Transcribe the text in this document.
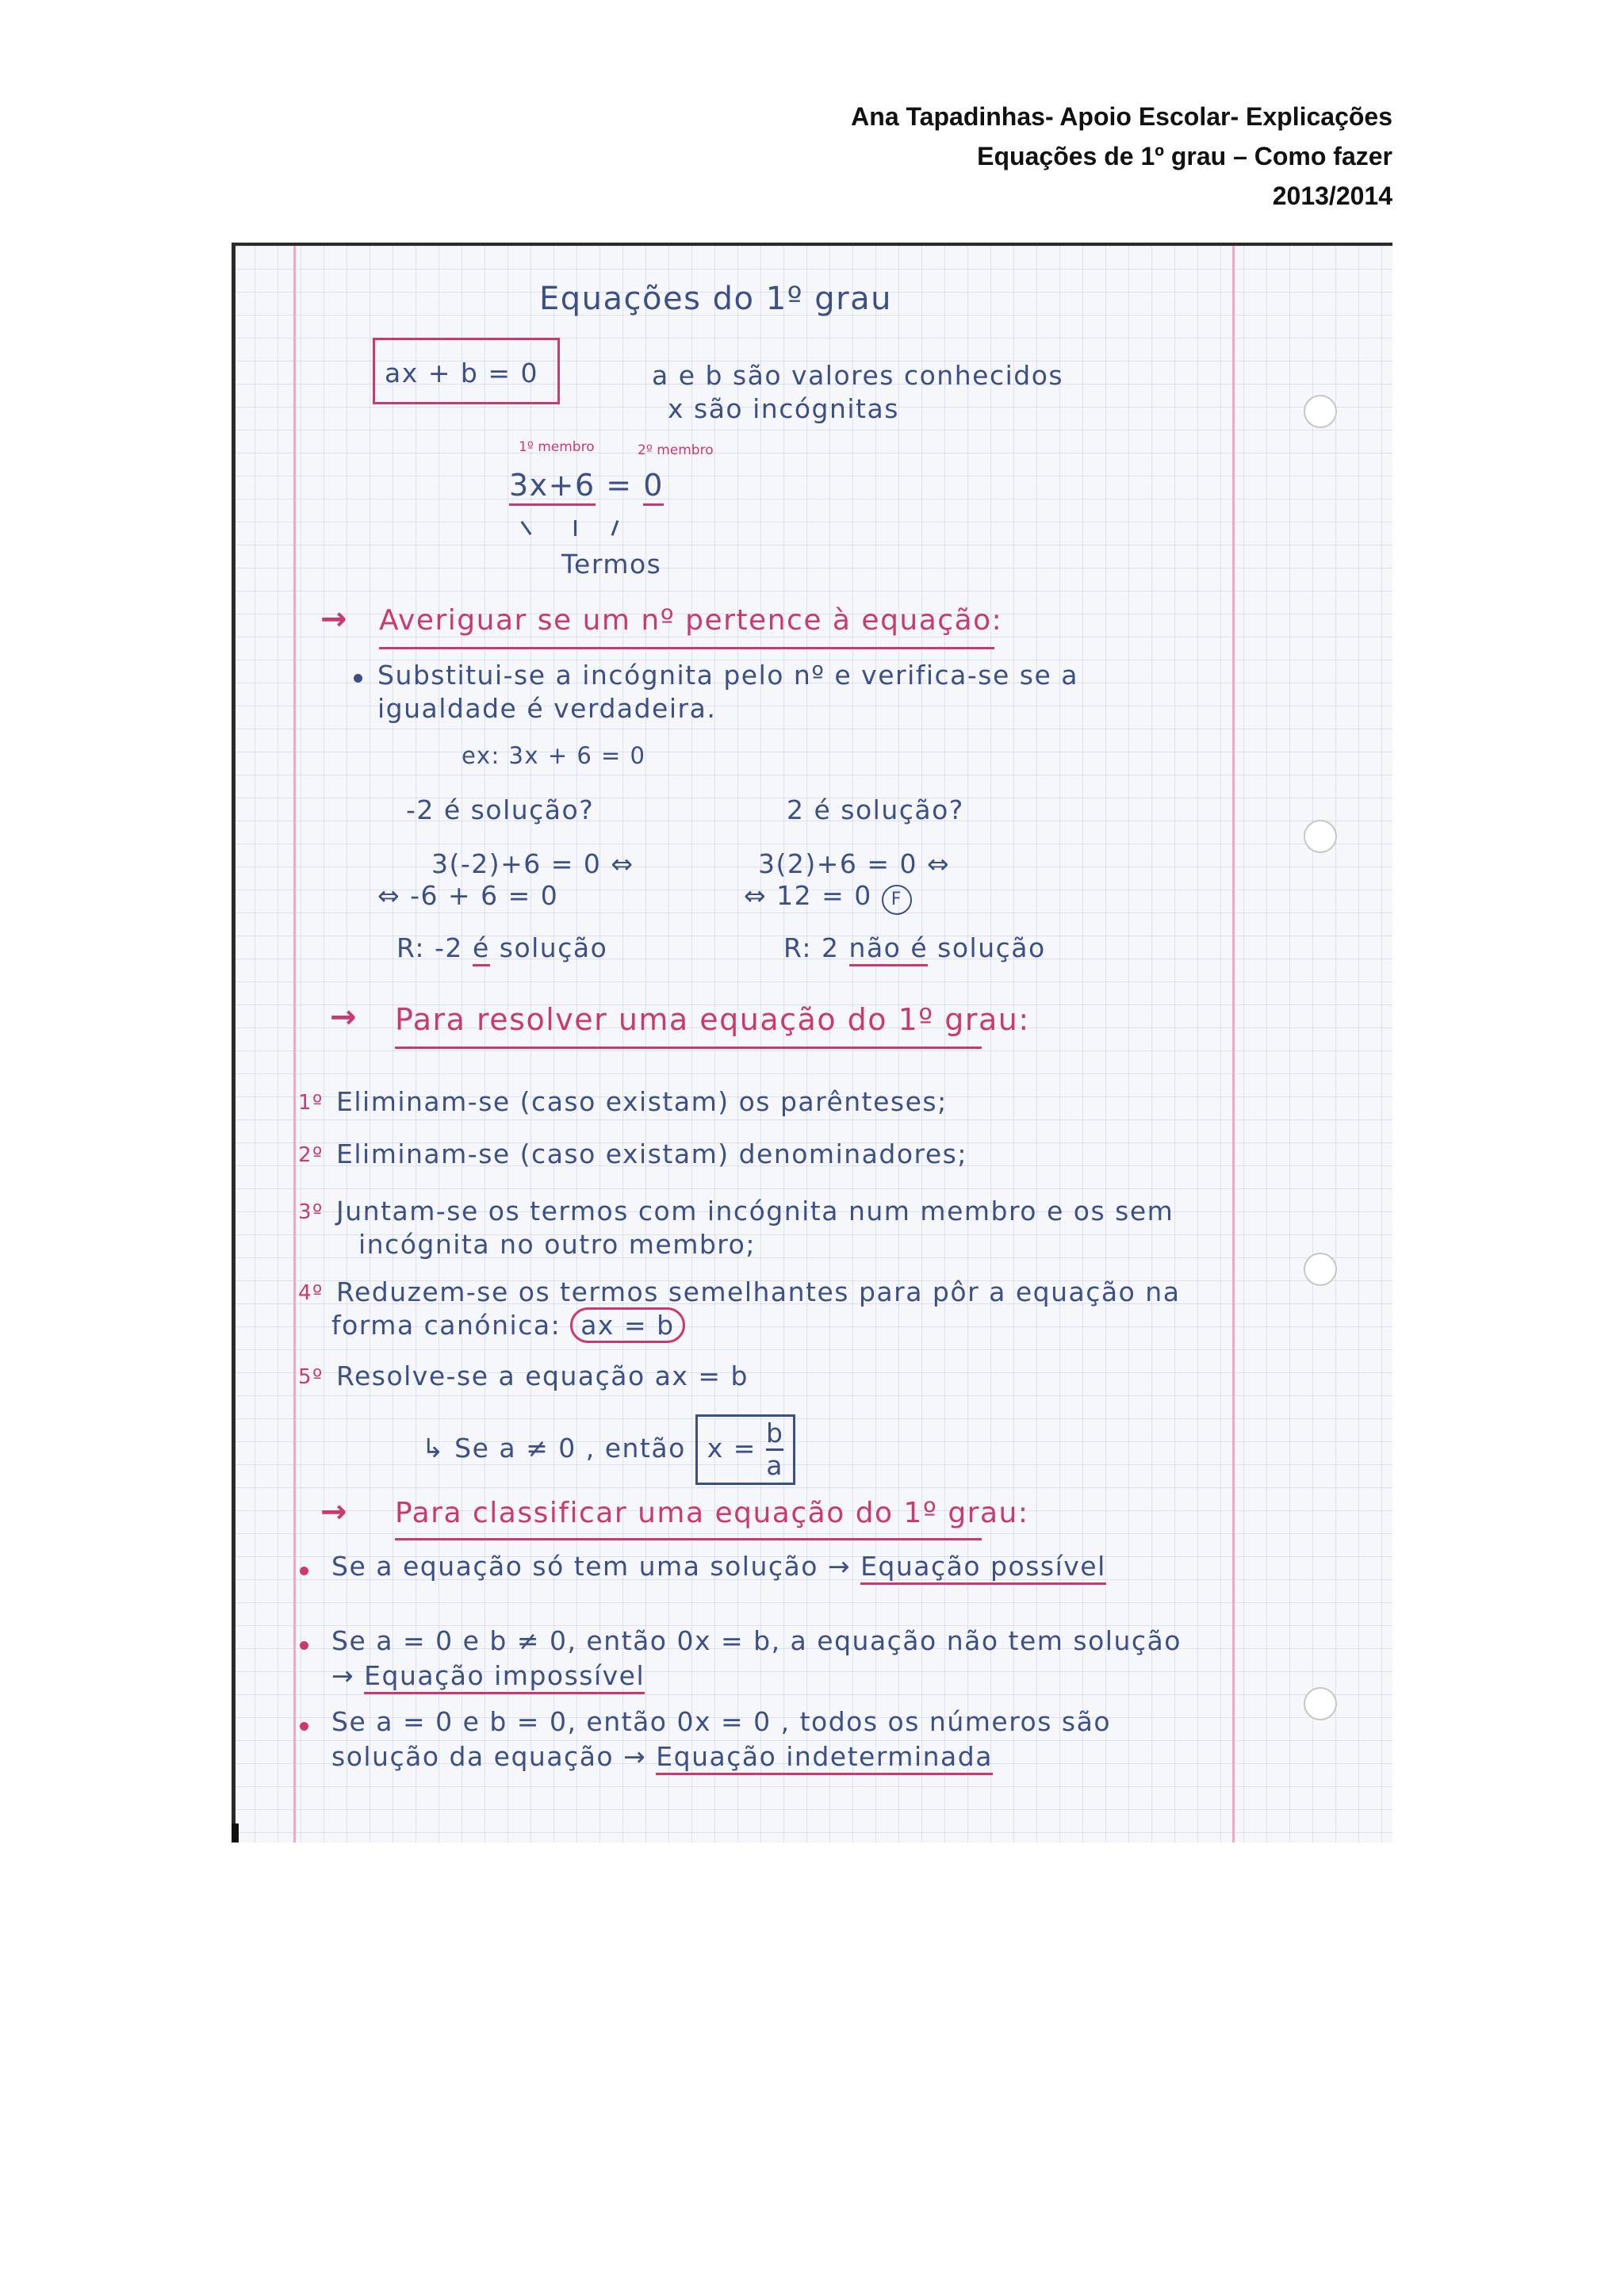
Ana Tapadinhas- Apoio Escolar- Explicações
Equações de 1º grau – Como fazer
2013/2014
Equações do 1º grau
ax + b = 0	a e b são valores conhecidos
x são incógnitas
1º membro	2º membro
3x+6 = 0
Termos
→ Averiguar se um nº pertence à equação:
Substitui-se a incógnita pelo nº e verifica-se se a
igualdade é verdadeira.
ex: 3x + 6 = 0
-2 é solução?	2 é solução?
3(-2)+6 = 0 ⇔
⇔ -6 + 6 = 0
3(2)+6 = 0 ⇔
⇔ 12 = 0 F
R: -2 é solução	R: 2 não é solução
→ Para resolver uma equação do 1º grau:
1º Eliminam-se (caso existam) os parênteses;
2º Eliminam-se (caso existam) denominadores;
3º Juntam-se os termos com incógnita num membro e os sem
incógnita no outro membro;
4º Reduzem-se os termos semelhantes para pôr a equação na
forma canónica: ax = b
5º Resolve-se a equação ax = b
↳ Se a ≠ 0 , então $x = \frac{b}{a}$
→ Para classificar uma equação do 1º grau:
Se a equação só tem uma solução → Equação possível
Se a = 0 e b ≠ 0, então 0x = b, a equação não tem solução
→ Equação impossível
Se a = 0 e b = 0, então 0x = 0 , todos os números são
solução da equação → Equação indeterminada
